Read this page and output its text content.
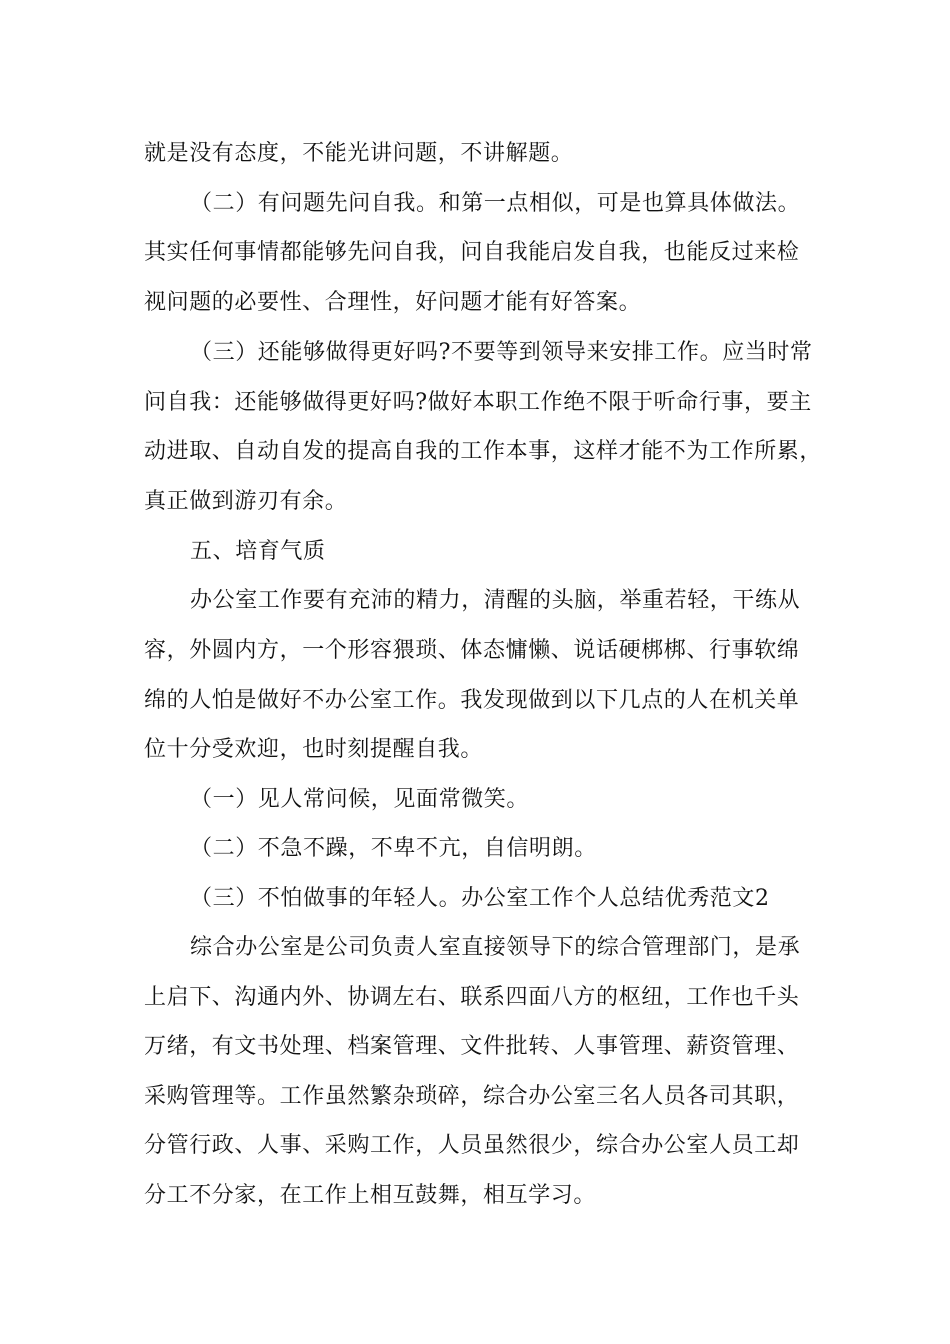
就是没有态度，不能光讲问题，不讲解题。
（二）有问题先问自我。和第一点相似，可是也算具体做法。
其实任何事情都能够先问自我，问自我能启发自我，也能反过来检
视问题的必要性、合理性，好问题才能有好答案。
（三）还能够做得更好吗?不要等到领导来安排工作。应当时常
问自我：还能够做得更好吗?做好本职工作绝不限于听命行事，要主
动进取、自动自发的提高自我的工作本事，这样才能不为工作所累，
真正做到游刃有余。
五、培育气质
办公室工作要有充沛的精力，清醒的头脑，举重若轻，干练从
容，外圆内方，一个形容猥琐、体态慵懒、说话硬梆梆、行事软绵
绵的人怕是做好不办公室工作。我发现做到以下几点的人在机关单
位十分受欢迎，也时刻提醒自我。
（一）见人常问候，见面常微笑。
（二）不急不躁，不卑不亢，自信明朗。
（三）不怕做事的年轻人。办公室工作个人总结优秀范文2
综合办公室是公司负责人室直接领导下的综合管理部门，是承
上启下、沟通内外、协调左右、联系四面八方的枢纽，工作也千头
万绪，有文书处理、档案管理、文件批转、人事管理、薪资管理、
采购管理等。工作虽然繁杂琐碎，综合办公室三名人员各司其职，
分管行政、人事、采购工作，人员虽然很少，综合办公室人员工却
分工不分家，在工作上相互鼓舞，相互学习。
